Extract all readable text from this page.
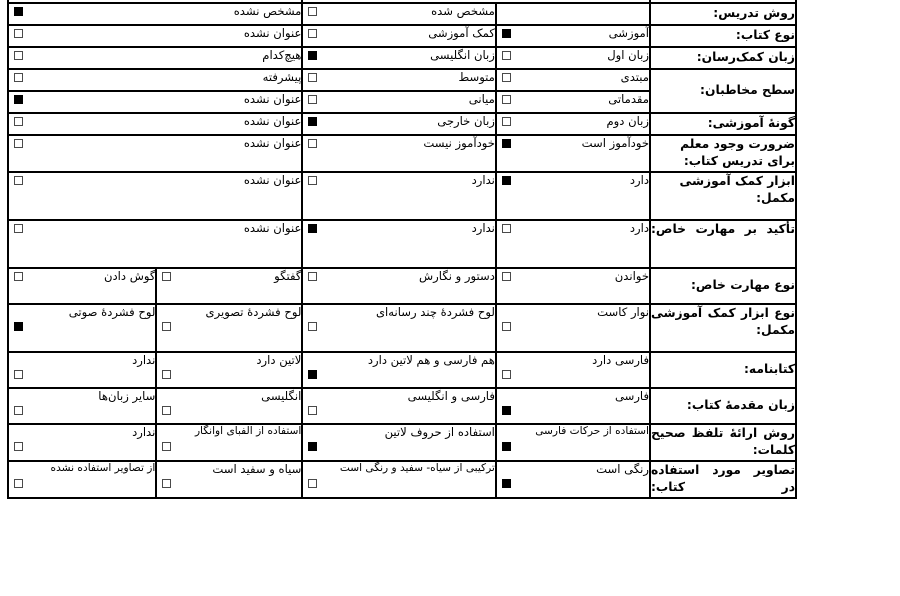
روش تدریس:		مشخص شده	مشخص نشده	

نوع کتاب:	آموزشی	کمک آموزشی	عنوان نشده	

زبان کمک‌رسان:	زبان اول	زبان انگلیسی	هیچ‌کدام	

سطح مخاطبان:	مبتدی	متوسط	پیشرفته	

	مقدماتی	میانی	عنوان نشده	

گونهٔ آموزشی:	زبان دوم	زبان خارجی	عنوان نشده	

ضرورت وجود معلم برای تدریس کتاب:	خودآموز است	خودآموز نیست	عنوان نشده	

ابزار کمک آموزشی مکمل:	دارد	ندارد	عنوان نشده	

تأکید بر مهارت خاص:	دارد	ندارد	عنوان نشده	

نوع مهارت خاص:	خواندن	دستور و نگارش	گفتگو	گوش دادن

نوع ابزار کمک آموزشی مکمل:	نوار کاست	لوح فشردهٔ چند رسانه‌ای	لوح فشردهٔ تصویری	لوح فشردهٔ صوتی

کتابنامه:	فارسی دارد	هم فارسی و هم لاتین دارد	لاتین دارد	ندارد

زبان مقدمهٔ کتاب:	فارسی	فارسی و انگلیسی	انگلیسی	سایر زبان‌ها

روش ارائهٔ تلفظ صحیح کلمات:	استفاده از حرکات فارسی	استفاده از حروف لاتین	استفاده از الفبای آوانگار	ندارد

تصاویر مورد استفاده در کتاب:	رنگی است	ترکیبی از سیاه- سفید و رنگی است	سیاه و سفید است	از تصاویر استفاده نشده
